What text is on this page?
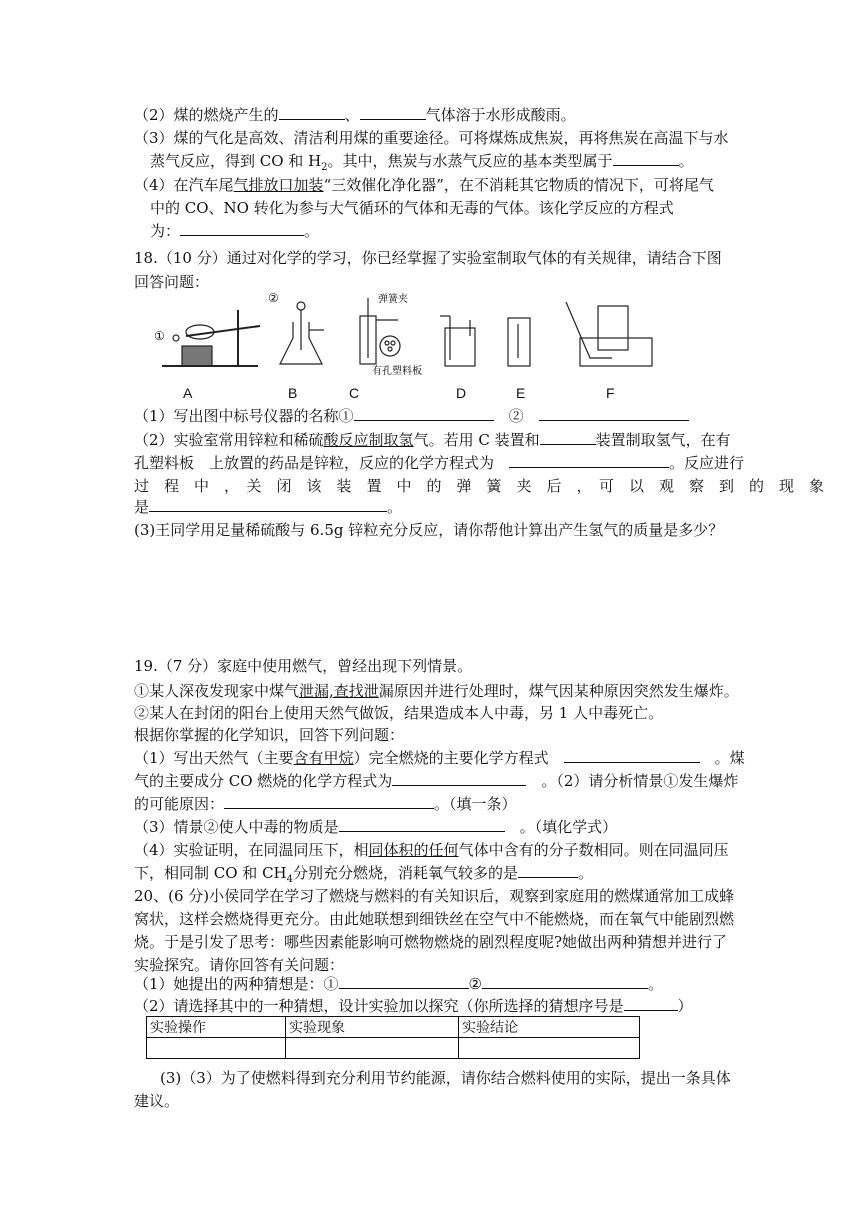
（2）煤的燃烧产生的	、	气体溶于水形成酸雨。
（3）煤的气化是高效、清洁利用煤的重要途径。可将煤炼成焦炭，再将焦炭在高温下与水
蒸气反应，得到 CO 和 $H_2$。其中，焦炭与水蒸气反应的基本类型属于	。
（4）在汽车尾气排放口加装“三效催化净化器”，在不消耗其它物质的情况下，可将尾气
中的 CO、NO 转化为参与大气循环的气体和无毒的气体。该化学反应的方程式
为：	。
18.（10 分）通过对化学的学习，你已经掌握了实验室制取气体的有关规律，请结合下图
回答问题：
①
②	弹簧夹
有孔塑料板
A	B	C	D	E	F
（1）写出图中标号仪器的名称①　	②　
（2）实验室常用锌粒和稀硫酸反应制取氢气。若用 C 装置和	装置制取氢气，在有
孔塑料板　上放置的药品是锌粒，反应的化学方程式为　	。反应进行
过　程　中　，　关　闭　该　装　置　中　的　弹　簧　夹　后　，　可　以　观　察　到　的　现　象
是	。
(3)王同学用足量稀硫酸与 6.5g 锌粒充分反应，请你帮他计算出产生氢气的质量是多少？
19.（7 分）家庭中使用燃气，曾经出现下列情景。
①某人深夜发现家中煤气泄漏,查找泄漏原因并进行处理时，煤气因某种原因突然发生爆炸。
②某人在封闭的阳台上使用天然气做饭，结果造成本人中毒，另 1 人中毒死亡。
根据你掌握的化学知识，回答下列问题：
（1）写出天然气（主要含有甲烷）完全燃烧的主要化学方程式　　	。煤
气的主要成分 CO 燃烧的化学方程式为　	。（2）请分析情景①发生爆炸
的可能原因：	。（填一条）
（3）情景②使人中毒的物质是　	。（填化学式）
（4）实验证明，在同温同压下，相同体积的任何气体中含有的分子数相同。则在同温同压
下，相同制 CO 和 $CH_4$分别充分燃烧，消耗氧气较多的是	。
20、(6 分)小侯同学在学习了燃烧与燃料的有关知识后，观察到家庭用的燃煤通常加工成蜂
窝状，这样会燃烧得更充分。由此她联想到细铁丝在空气中不能燃烧，而在氧气中能剧烈燃
烧。于是引发了思考：哪些因素能影响可燃物燃烧的剧烈程度呢?她做出两种猜想并进行了
实验探究。请你回答有关问题：
（1）她提出的两种猜想是：①	②	。
（2）请选择其中的一种猜想，设计实验加以探究（你所选择的猜想序号是	）
实验操作	实验现象	实验结论

(3)（3）为了使燃料得到充分利用节约能源，请你结合燃料使用的实际，提出一条具体
建议。
